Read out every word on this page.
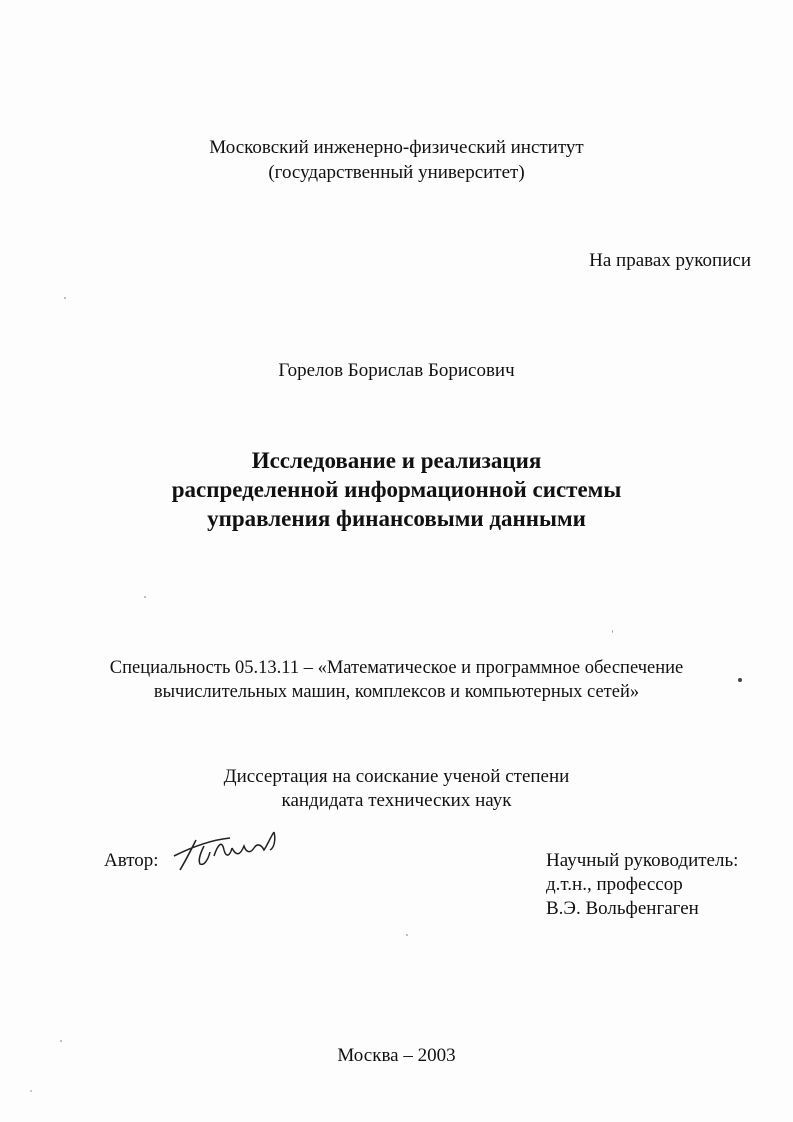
Московский инженерно-физический институт
(государственный университет)
На правах рукописи
Горелов Борислав Борисович
Исследование и реализация
распределенной информационной системы
управления финансовыми данными
Специальность 05.13.11 – «Математическое и программное обеспечение
вычислительных машин, комплексов и компьютерных сетей»
Диссертация на соискание ученой степени
кандидата технических наук
Автор:	Научный руководитель:
д.т.н., профессор
В.Э. Вольфенгаген
Москва – 2003
